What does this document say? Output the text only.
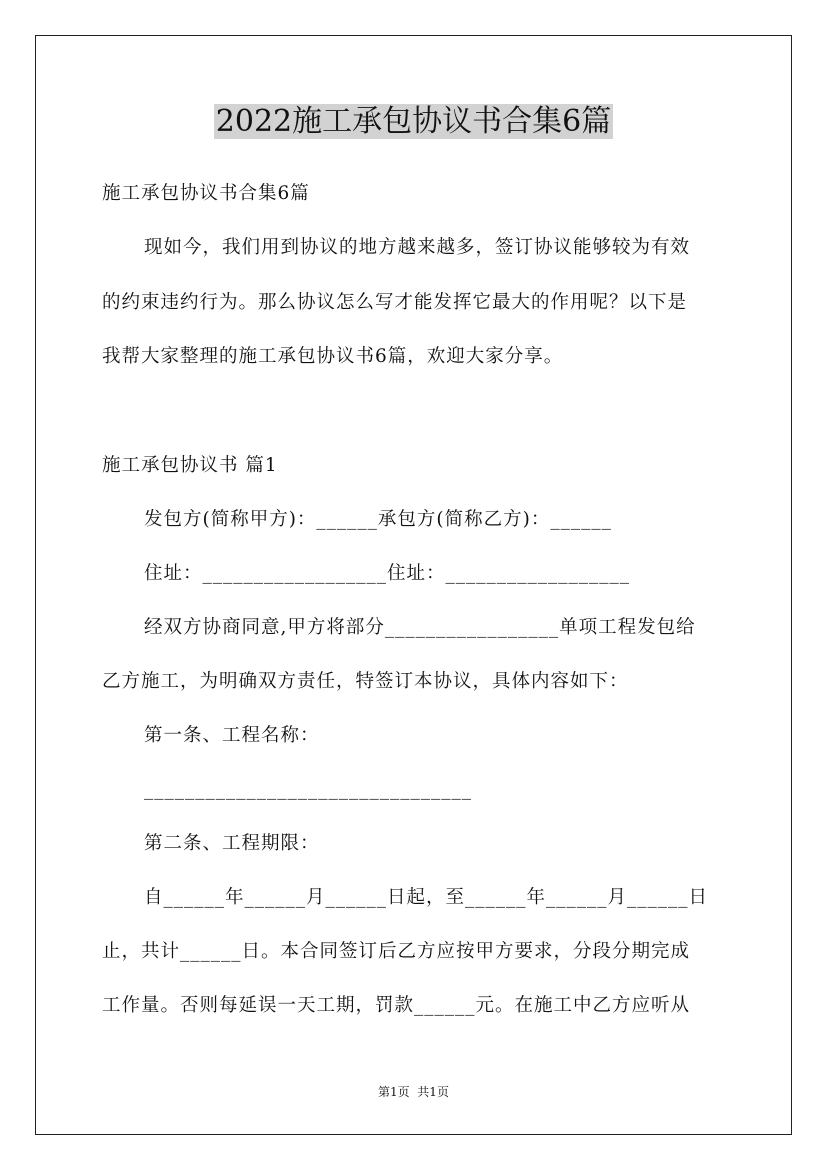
2022施工承包协议书合集6篇
施工承包协议书合集6篇
现如今，我们用到协议的地方越来越多，签订协议能够较为有效
的约束违约行为。那么协议怎么写才能发挥它最大的作用呢？以下是
我帮大家整理的施工承包协议书6篇，欢迎大家分享。
施工承包协议书 篇1
发包方(简称甲方)：______承包方(简称乙方)：______
住址：__________________住址：__________________
经双方协商同意,甲方将部分_________________单项工程发包给
乙方施工，为明确双方责任，特签订本协议，具体内容如下：
第一条、工程名称：
________________________________
第二条、工程期限：
自______年______月______日起，至______年______月______日
止，共计______日。本合同签订后乙方应按甲方要求，分段分期完成
工作量。否则每延误一天工期，罚款______元。在施工中乙方应听从
第1页  共1页
